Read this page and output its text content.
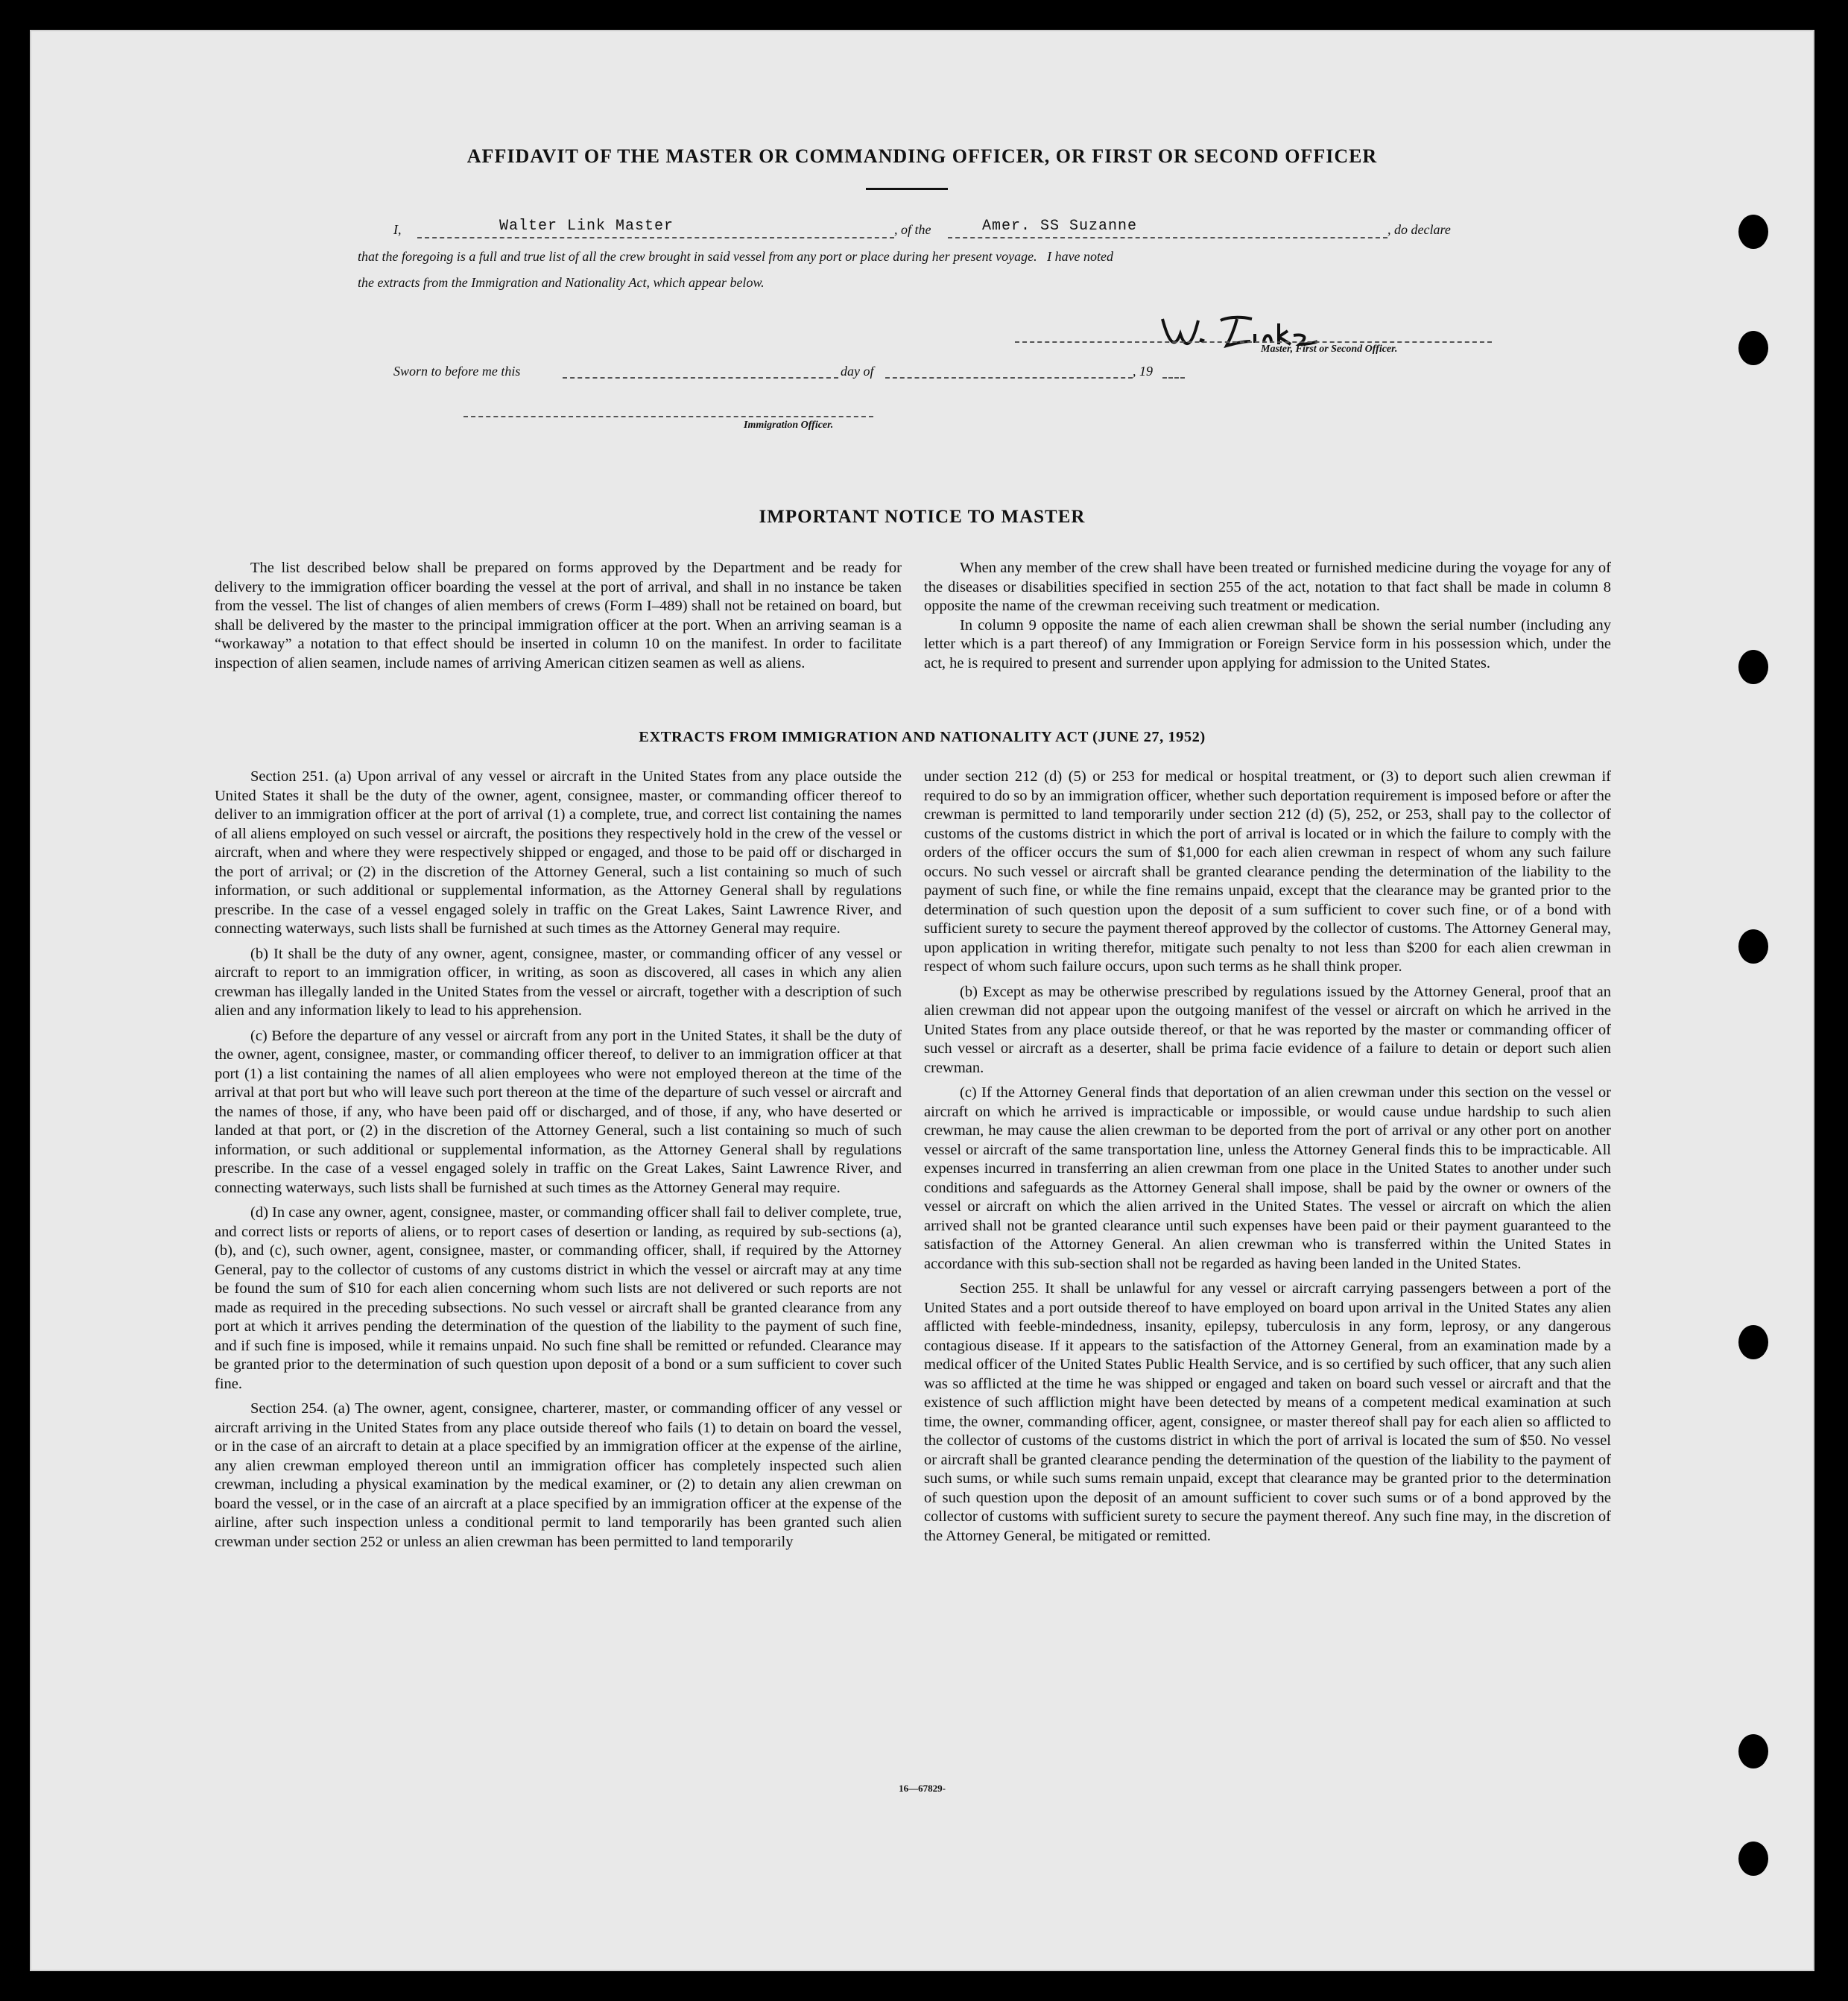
AFFIDAVIT OF THE MASTER OR COMMANDING OFFICER, OR FIRST OR SECOND OFFICER
I,	Walter Link Master	, of the	Amer. SS Suzanne	, do declare
that the foregoing is a full and true list of all the crew brought in said vessel from any port or place during her present voyage.   I have noted
the extracts from the Immigration and Nationality Act, which appear below.
Master, First or Second Officer.
Sworn to before me this	day of	, 19
Immigration Officer.
IMPORTANT NOTICE TO MASTER

The list described below shall be prepared on forms approved by the Department and be ready for delivery to the immigration officer boarding the vessel at the port of arrival, and shall in no instance be taken from the vessel. The list of changes of alien members of crews (Form I–489) shall not be retained on board, but shall be delivered by the master to the principal immigration officer at the port. When an arriving seaman is a “workaway” a notation to that effect should be inserted in column 10 on the manifest. In order to facilitate inspection of alien seamen, include names of arriving American citizen seamen as well as aliens.

When any member of the crew shall have been treated or furnished medicine during the voyage for any of the diseases or disabilities specified in section 255 of the act, notation to that fact shall be made in column 8 opposite the name of the crewman receiving such treatment or medication.

In column 9 opposite the name of each alien crewman shall be shown the serial number (including any letter which is a part thereof) of any Immigration or Foreign Service form in his possession which, under the act, he is required to present and surrender upon applying for admission to the United States.

EXTRACTS FROM IMMIGRATION AND NATIONALITY ACT (JUNE 27, 1952)

Section 251. (a) Upon arrival of any vessel or aircraft in the United States from any place outside the United States it shall be the duty of the owner, agent, consignee, master, or commanding officer thereof to deliver to an immigration officer at the port of arrival (1) a complete, true, and correct list containing the names of all aliens employed on such vessel or aircraft, the positions they respectively hold in the crew of the vessel or aircraft, when and where they were respectively shipped or engaged, and those to be paid off or discharged in the port of arrival; or (2) in the discretion of the Attorney General, such a list containing so much of such information, or such additional or supplemental information, as the Attorney General shall by regulations prescribe. In the case of a vessel engaged solely in traffic on the Great Lakes, Saint Lawrence River, and connecting waterways, such lists shall be furnished at such times as the Attorney General may require.

(b) It shall be the duty of any owner, agent, consignee, master, or commanding officer of any vessel or aircraft to report to an immigration officer, in writing, as soon as discovered, all cases in which any alien crewman has illegally landed in the United States from the vessel or aircraft, together with a description of such alien and any information likely to lead to his apprehension.

(c) Before the departure of any vessel or aircraft from any port in the United States, it shall be the duty of the owner, agent, consignee, master, or commanding officer thereof, to deliver to an immigration officer at that port (1) a list containing the names of all alien employees who were not employed thereon at the time of the arrival at that port but who will leave such port thereon at the time of the departure of such vessel or aircraft and the names of those, if any, who have been paid off or discharged, and of those, if any, who have deserted or landed at that port, or (2) in the discretion of the Attorney General, such a list containing so much of such information, or such additional or supplemental information, as the Attorney General shall by regulations prescribe. In the case of a vessel engaged solely in traffic on the Great Lakes, Saint Lawrence River, and connecting waterways, such lists shall be furnished at such times as the Attorney General may require.

(d) In case any owner, agent, consignee, master, or commanding officer shall fail to deliver complete, true, and correct lists or reports of aliens, or to report cases of desertion or landing, as required by sub-sections (a), (b), and (c), such owner, agent, consignee, master, or commanding officer, shall, if required by the Attorney General, pay to the collector of customs of any customs district in which the vessel or aircraft may at any time be found the sum of $10 for each alien concerning whom such lists are not delivered or such reports are not made as required in the preceding subsections. No such vessel or aircraft shall be granted clearance from any port at which it arrives pending the determination of the question of the liability to the payment of such fine, and if such fine is imposed, while it remains unpaid. No such fine shall be remitted or refunded. Clearance may be granted prior to the determination of such question upon deposit of a bond or a sum sufficient to cover such fine.

Section 254. (a) The owner, agent, consignee, charterer, master, or commanding officer of any vessel or aircraft arriving in the United States from any place outside thereof who fails (1) to detain on board the vessel, or in the case of an aircraft to detain at a place specified by an immigration officer at the expense of the airline, any alien crewman employed thereon until an immigration officer has completely inspected such alien crewman, including a physical examination by the medical examiner, or (2) to detain any alien crewman on board the vessel, or in the case of an aircraft at a place specified by an immigration officer at the expense of the airline, after such inspection unless a conditional permit to land temporarily has been granted such alien crewman under section 252 or unless an alien crewman has been permitted to land temporarily

under section 212 (d) (5) or 253 for medical or hospital treatment, or (3) to deport such alien crewman if required to do so by an immigration officer, whether such deportation requirement is imposed before or after the crewman is permitted to land temporarily under section 212 (d) (5), 252, or 253, shall pay to the collector of customs of the customs district in which the port of arrival is located or in which the failure to comply with the orders of the officer occurs the sum of $1,000 for each alien crewman in respect of whom any such failure occurs. No such vessel or aircraft shall be granted clearance pending the determination of the liability to the payment of such fine, or while the fine remains unpaid, except that the clearance may be granted prior to the determination of such question upon the deposit of a sum sufficient to cover such fine, or of a bond with sufficient surety to secure the payment thereof approved by the collector of customs. The Attorney General may, upon application in writing therefor, mitigate such penalty to not less than $200 for each alien crewman in respect of whom such failure occurs, upon such terms as he shall think proper.

(b) Except as may be otherwise prescribed by regulations issued by the Attorney General, proof that an alien crewman did not appear upon the outgoing manifest of the vessel or aircraft on which he arrived in the United States from any place outside thereof, or that he was reported by the master or commanding officer of such vessel or aircraft as a deserter, shall be prima facie evidence of a failure to detain or deport such alien crewman.

(c) If the Attorney General finds that deportation of an alien crewman under this section on the vessel or aircraft on which he arrived is impracticable or impossible, or would cause undue hardship to such alien crewman, he may cause the alien crewman to be deported from the port of arrival or any other port on another vessel or aircraft of the same transportation line, unless the Attorney General finds this to be impracticable. All expenses incurred in transferring an alien crewman from one place in the United States to another under such conditions and safeguards as the Attorney General shall impose, shall be paid by the owner or owners of the vessel or aircraft on which the alien arrived in the United States. The vessel or aircraft on which the alien arrived shall not be granted clearance until such expenses have been paid or their payment guaranteed to the satisfaction of the Attorney General. An alien crewman who is transferred within the United States in accordance with this sub-section shall not be regarded as having been landed in the United States.

Section 255. It shall be unlawful for any vessel or aircraft carrying passengers between a port of the United States and a port outside thereof to have employed on board upon arrival in the United States any alien afflicted with feeble-mindedness, insanity, epilepsy, tuberculosis in any form, leprosy, or any dangerous contagious disease. If it appears to the satisfaction of the Attorney General, from an examination made by a medical officer of the United States Public Health Service, and is so certified by such officer, that any such alien was so afflicted at the time he was shipped or engaged and taken on board such vessel or aircraft and that the existence of such affliction might have been detected by means of a competent medical examination at such time, the owner, commanding officer, agent, consignee, or master thereof shall pay for each alien so afflicted to the collector of customs of the customs district in which the port of arrival is located the sum of $50. No vessel or aircraft shall be granted clearance pending the determination of the question of the liability to the payment of such sums, or while such sums remain unpaid, except that clearance may be granted prior to the determination of such question upon the deposit of an amount sufficient to cover such sums or of a bond approved by the collector of customs with sufficient surety to secure the payment thereof. Any such fine may, in the discretion of the Attorney General, be mitigated or remitted.

16—67829-
